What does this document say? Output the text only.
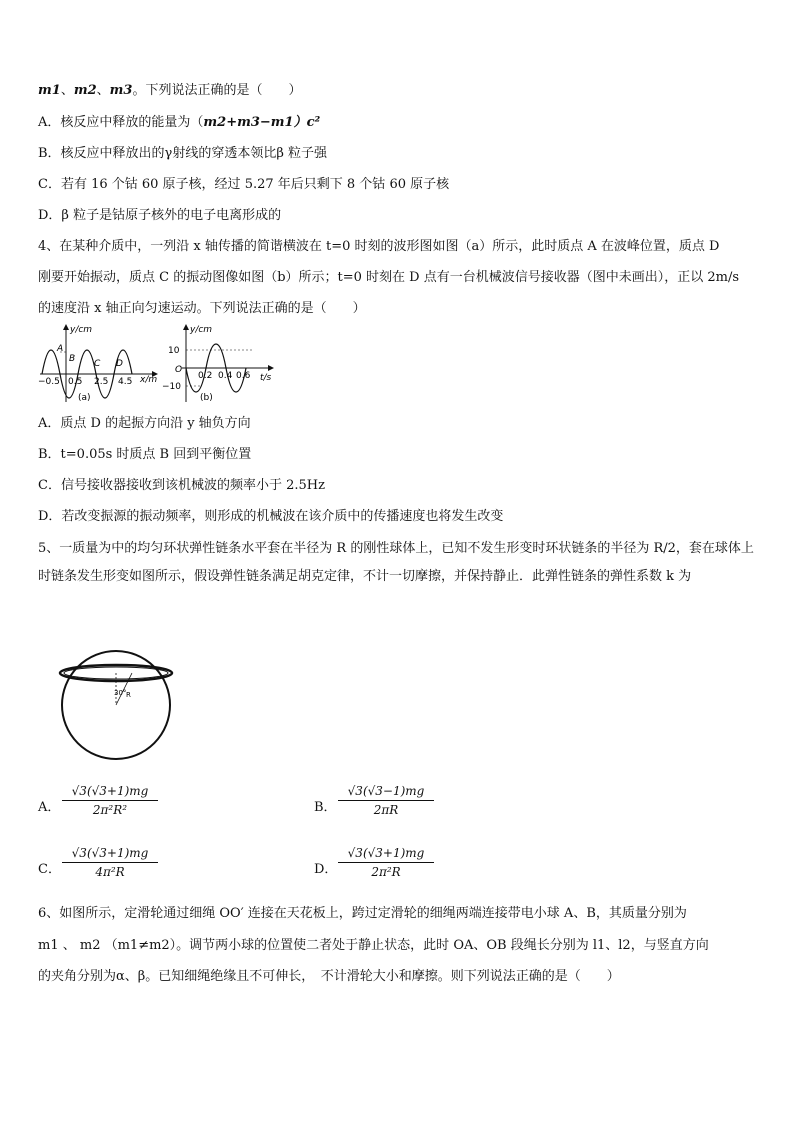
m1、m2、m3。下列说法正确的是（　　）
A．核反应中释放的能量为（m2+m3−m1）c²
B．核反应中释放出的γ射线的穿透本领比β 粒子强
C．若有 16 个钴 60 原子核，经过 5.27 年后只剩下 8 个钴 60 原子核
D．β 粒子是钴原子核外的电子电离形成的
4、在某种介质中，一列沿 x 轴传播的简谐横波在 t=0 时刻的波形图如图（a）所示，此时质点 A 在波峰位置，质点 D
刚要开始振动，质点 C 的振动图像如图（b）所示；t=0 时刻在 D 点有一台机械波信号接收器（图中未画出），正以 2m/s
的速度沿 x 轴正向匀速运动。下列说法正确的是（　　）
y/cm
x/m
A
B C D
−0.5 0.5 2.5 4.5
(a)
y/cm
t/s
10
−10
O
0.2 0.4 0.6
(b)
A．质点 D 的起振方向沿 y 轴负方向
B．t=0.05s 时质点 B 回到平衡位置
C．信号接收器接收到该机械波的频率小于 2.5Hz
D．若改变振源的振动频率，则形成的机械波在该介质中的传播速度也将发生改变
5、一质量为中的均匀环状弹性链条水平套在半径为 R 的刚性球体上，已知不发生形变时环状链条的半径为 R/2，套在球体上时链条发生形变如图所示，假设弹性链条满足胡克定律，不计一切摩擦，并保持静止．此弹性链条的弹性系数 k 为
30° R
A．
√3(√3+1)mg
2π²R²	B．
√3(√3−1)mg
2πR
C．
√3(√3+1)mg
4π²R	D．
√3(√3+1)mg
2π²R
6、如图所示，定滑轮通过细绳 OO′ 连接在天花板上，跨过定滑轮的细绳两端连接带电小球 A、B，其质量分别为
m1 、 m2 （m1≠m2）。调节两小球的位置使二者处于静止状态，此时 OA、OB 段绳长分别为 l1、l2，与竖直方向
的夹角分别为α、β。已知细绳绝缘且不可伸长，　不计滑轮大小和摩擦。则下列说法正确的是（　　）
